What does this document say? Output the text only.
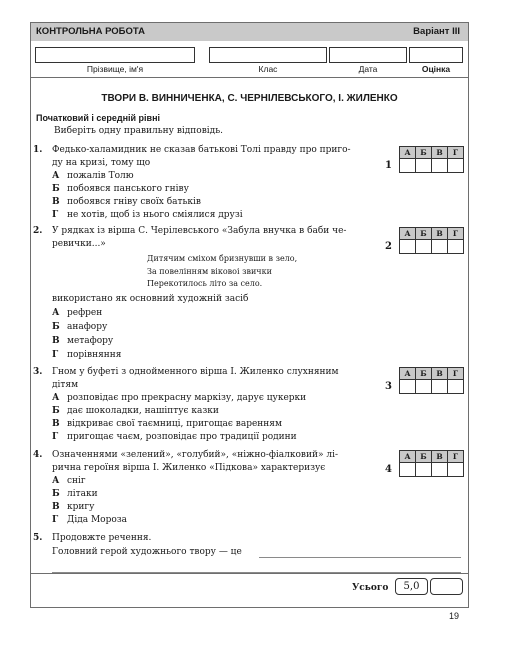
КОНТРОЛЬНА РОБОТА	Варіант III
Прізвище, ім'я	Клас	Дата	Оцінка
ТВОРИ В. ВИННИЧЕНКА, С. ЧЕРНІЛЕВСЬКОГО, І. ЖИЛЕНКО
Початковий і середній рівні
Виберіть одну правильну відповідь.
1. Федько-халамидник не сказав батькові Толі правду про приго-
ду на кризі, тому що
А пожалів Толю
Б побоявся панського гніву
В побоявся гніву своїх батьків
Г не хотів, щоб із нього сміялися друзі
1
А	Б	В	Г

2. У рядках із вірша С. Черілевського «Забула внучка в баби че-
ревички...»
Дитячим сміхом бризнувши в зело,
За повелінням віковоі звички
Перекотилось літо за село.
використано як основний художній засіб
А рефрен
Б анафору
В метафору
Г порівняння
2
А	Б	В	Г

3. Гном у буфеті з однойменного вірша І. Жиленко слухняним
дітям
А розповідає про прекрасну маркізу, дарує цукерки
Б дає шоколадки, нашіптує казки
В відкриває свої таємниці, пригощає варенням
Г пригощає чаєм, розповідає про традиції родини
3
А	Б	В	Г

4. Означеннями «зелений», «голубий», «ніжно-фіалковий» лі-
рична героїня вірша І. Жиленко «Підкова» характеризує
А сніг
Б літаки
В кригу
Г Діда Мороза
4
А	Б	В	Г

5. Продовжте речення.
Головний герой художнього твору — це
Усього	5,0
19
